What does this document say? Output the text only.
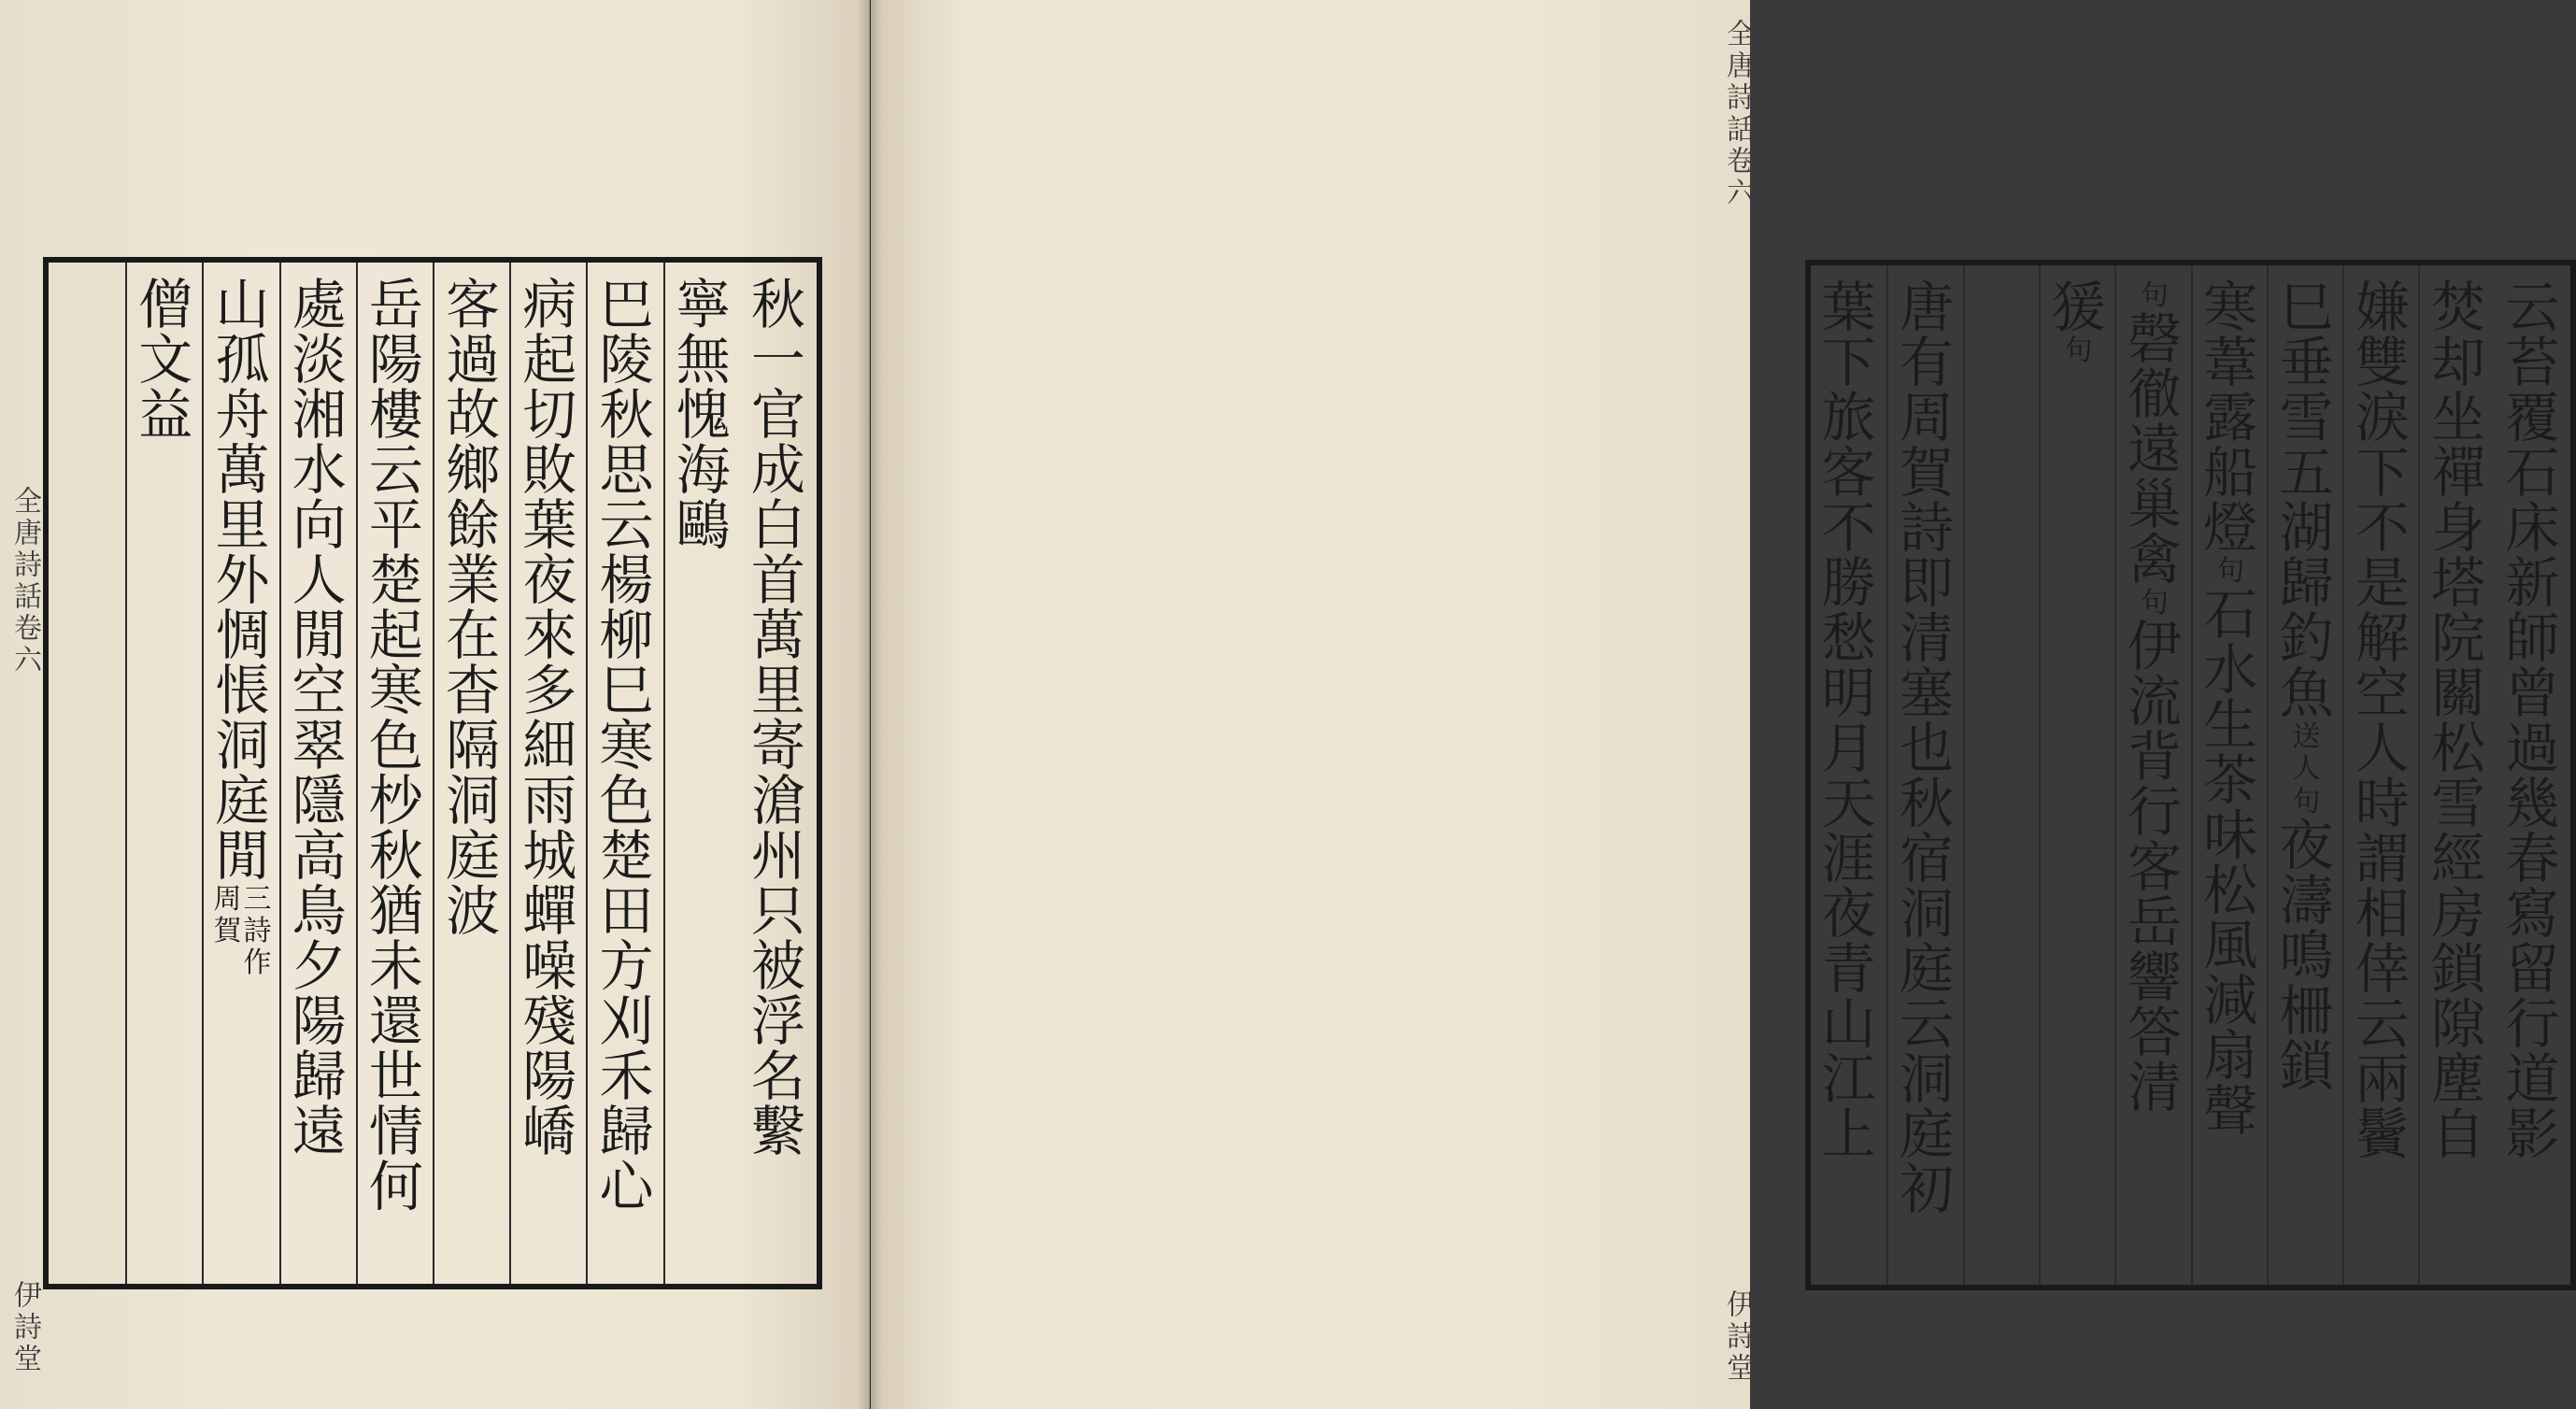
秋
一
官
成
白
首
萬
里
寄
滄
州
只
被
浮
名
繫
寧
無
愧
海
鷗
巴
陵
秋
思
云
楊
柳
巳
寒
色
楚
田
方
刈
禾
歸
心
病
起
切
敗
葉
夜
來
多
細
雨
城
蟬
噪
殘
陽
嶠
客
過
故
鄉
餘
業
在
杳
隔
洞
庭
波
岳
陽
樓
云
平
楚
起
寒
色
杪
秋
猶
未
還
世
情
何
處
淡
湘
水
向
人
閒
空
翠
隱
高
鳥
夕
陽
歸
遠
山
孤
舟
萬
里
外
惆
悵
洞
庭
閒
三
詩
作
周
賀
僧
文
益
全唐詩話卷六
伊詩堂
云
苔
覆
石
床
新
師
曾
過
幾
春
寫
留
行
道
影
焚
却
坐
禪
身
塔
院
關
松
雪
經
房
鎖
隙
塵
自
嫌
雙
淚
下
不
是
解
空
人
時
謂
相
倖
云
兩
鬢
巳
垂
雪
五
湖
歸
釣
魚
送
人
句
夜
濤
鳴
柵
鎖
寒
葦
露
船
燈
句
石
水
生
茶
味
松
風
減
扇
聲
句
磬
徹
遠
巢
禽
句
伊
流
背
行
客
岳
響
答
清
猨
句
唐
有
周
賀
詩
即
清
塞
也
秋
宿
洞
庭
云
洞
庭
初
葉
下
旅
客
不
勝
愁
明
月
天
涯
夜
青
山
江
上
全唐詩話卷六
伊詩堂
